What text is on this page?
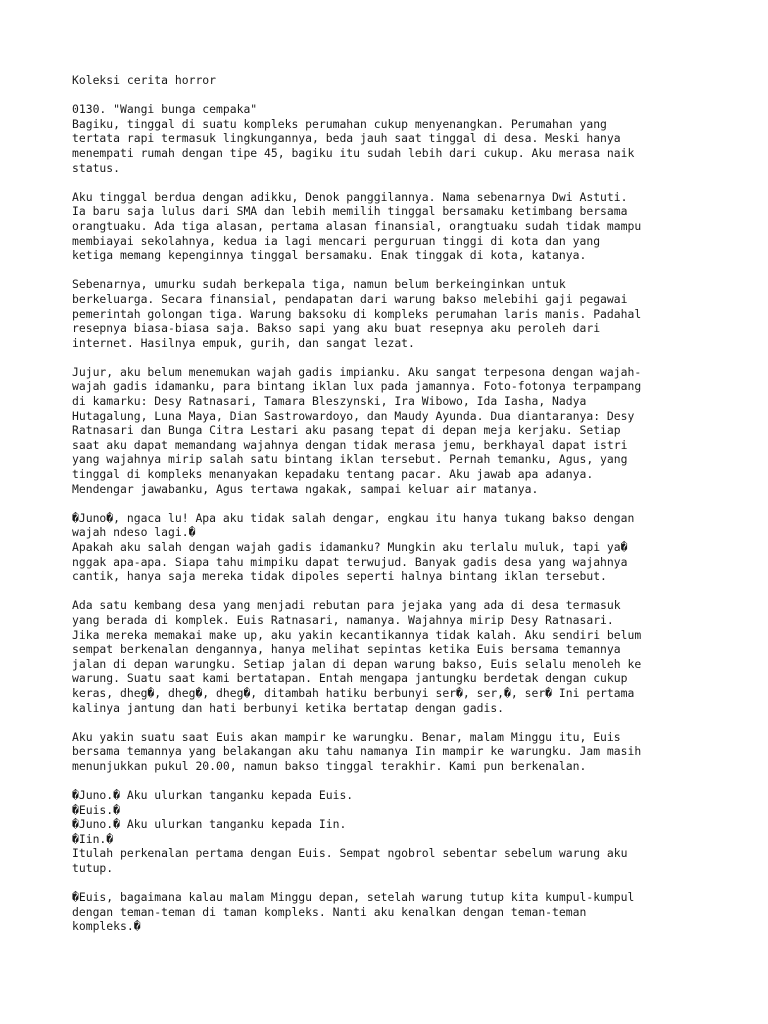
Koleksi cerita horror
0130. "Wangi bunga cempaka"
Bagiku, tinggal di suatu kompleks perumahan cukup menyenangkan. Perumahan yang
tertata rapi termasuk lingkungannya, beda jauh saat tinggal di desa. Meski hanya
menempati rumah dengan tipe 45, bagiku itu sudah lebih dari cukup. Aku merasa naik
status.
Aku tinggal berdua dengan adikku, Denok panggilannya. Nama sebenarnya Dwi Astuti.
Ia baru saja lulus dari SMA dan lebih memilih tinggal bersamaku ketimbang bersama
orangtuaku. Ada tiga alasan, pertama alasan finansial, orangtuaku sudah tidak mampu
membiayai sekolahnya, kedua ia lagi mencari perguruan tinggi di kota dan yang
ketiga memang kepenginnya tinggal bersamaku. Enak tinggak di kota, katanya.
Sebenarnya, umurku sudah berkepala tiga, namun belum berkeinginkan untuk
berkeluarga. Secara finansial, pendapatan dari warung bakso melebihi gaji pegawai
pemerintah golongan tiga. Warung baksoku di kompleks perumahan laris manis. Padahal
resepnya biasa-biasa saja. Bakso sapi yang aku buat resepnya aku peroleh dari
internet. Hasilnya empuk, gurih, dan sangat lezat.
Jujur, aku belum menemukan wajah gadis impianku. Aku sangat terpesona dengan wajah-
wajah gadis idamanku, para bintang iklan lux pada jamannya. Foto-fotonya terpampang
di kamarku: Desy Ratnasari, Tamara Bleszynski, Ira Wibowo, Ida Iasha, Nadya
Hutagalung, Luna Maya, Dian Sastrowardoyo, dan Maudy Ayunda. Dua diantaranya: Desy
Ratnasari dan Bunga Citra Lestari aku pasang tepat di depan meja kerjaku. Setiap
saat aku dapat memandang wajahnya dengan tidak merasa jemu, berkhayal dapat istri
yang wajahnya mirip salah satu bintang iklan tersebut. Pernah temanku, Agus, yang
tinggal di kompleks menanyakan kepadaku tentang pacar. Aku jawab apa adanya.
Mendengar jawabanku, Agus tertawa ngakak, sampai keluar air matanya.
�Juno�, ngaca lu! Apa aku tidak salah dengar, engkau itu hanya tukang bakso dengan
wajah ndeso lagi.�
Apakah aku salah dengan wajah gadis idamanku? Mungkin aku terlalu muluk, tapi ya�
nggak apa-apa. Siapa tahu mimpiku dapat terwujud. Banyak gadis desa yang wajahnya
cantik, hanya saja mereka tidak dipoles seperti halnya bintang iklan tersebut.
Ada satu kembang desa yang menjadi rebutan para jejaka yang ada di desa termasuk
yang berada di komplek. Euis Ratnasari, namanya. Wajahnya mirip Desy Ratnasari.
Jika mereka memakai make up, aku yakin kecantikannya tidak kalah. Aku sendiri belum
sempat berkenalan dengannya, hanya melihat sepintas ketika Euis bersama temannya
jalan di depan warungku. Setiap jalan di depan warung bakso, Euis selalu menoleh ke
warung. Suatu saat kami bertatapan. Entah mengapa jantungku berdetak dengan cukup
keras, dheg�, dheg�, dheg�, ditambah hatiku berbunyi ser�, ser,�, ser� Ini pertama
kalinya jantung dan hati berbunyi ketika bertatap dengan gadis.
Aku yakin suatu saat Euis akan mampir ke warungku. Benar, malam Minggu itu, Euis
bersama temannya yang belakangan aku tahu namanya Iin mampir ke warungku. Jam masih
menunjukkan pukul 20.00, namun bakso tinggal terakhir. Kami pun berkenalan.
�Juno.� Aku ulurkan tanganku kepada Euis.
�Euis.�
�Juno.� Aku ulurkan tanganku kepada Iin.
�Iin.�
Itulah perkenalan pertama dengan Euis. Sempat ngobrol sebentar sebelum warung aku
tutup.
�Euis, bagaimana kalau malam Minggu depan, setelah warung tutup kita kumpul-kumpul
dengan teman-teman di taman kompleks. Nanti aku kenalkan dengan teman-teman
kompleks.�
